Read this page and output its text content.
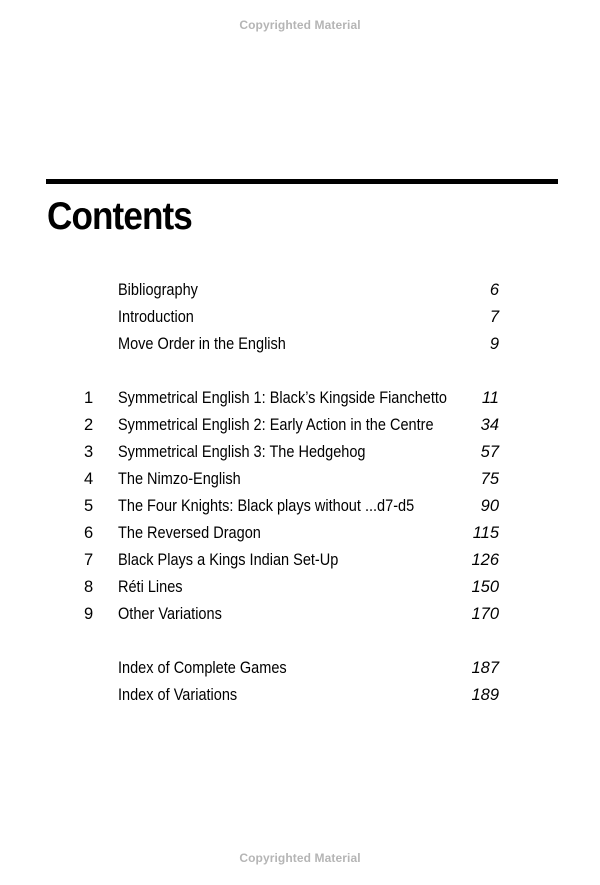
Copyrighted Material
Contents
Bibliography	6
Introduction	7
Move Order in the English	9
1 Symmetrical English 1: Black’s Kingside Fianchetto 11
2 Symmetrical English 2: Early Action in the Centre	34
3 Symmetrical English 3: The Hedgehog	57
4 The Nimzo-English	75
5 The Four Knights: Black plays without ...d7-d5	90
6 The Reversed Dragon	115
7 Black Plays a Kings Indian Set-Up	126
8 Réti Lines	150
9 Other Variations	170
Index of Complete Games	187
Index of Variations	189
Copyrighted Material
